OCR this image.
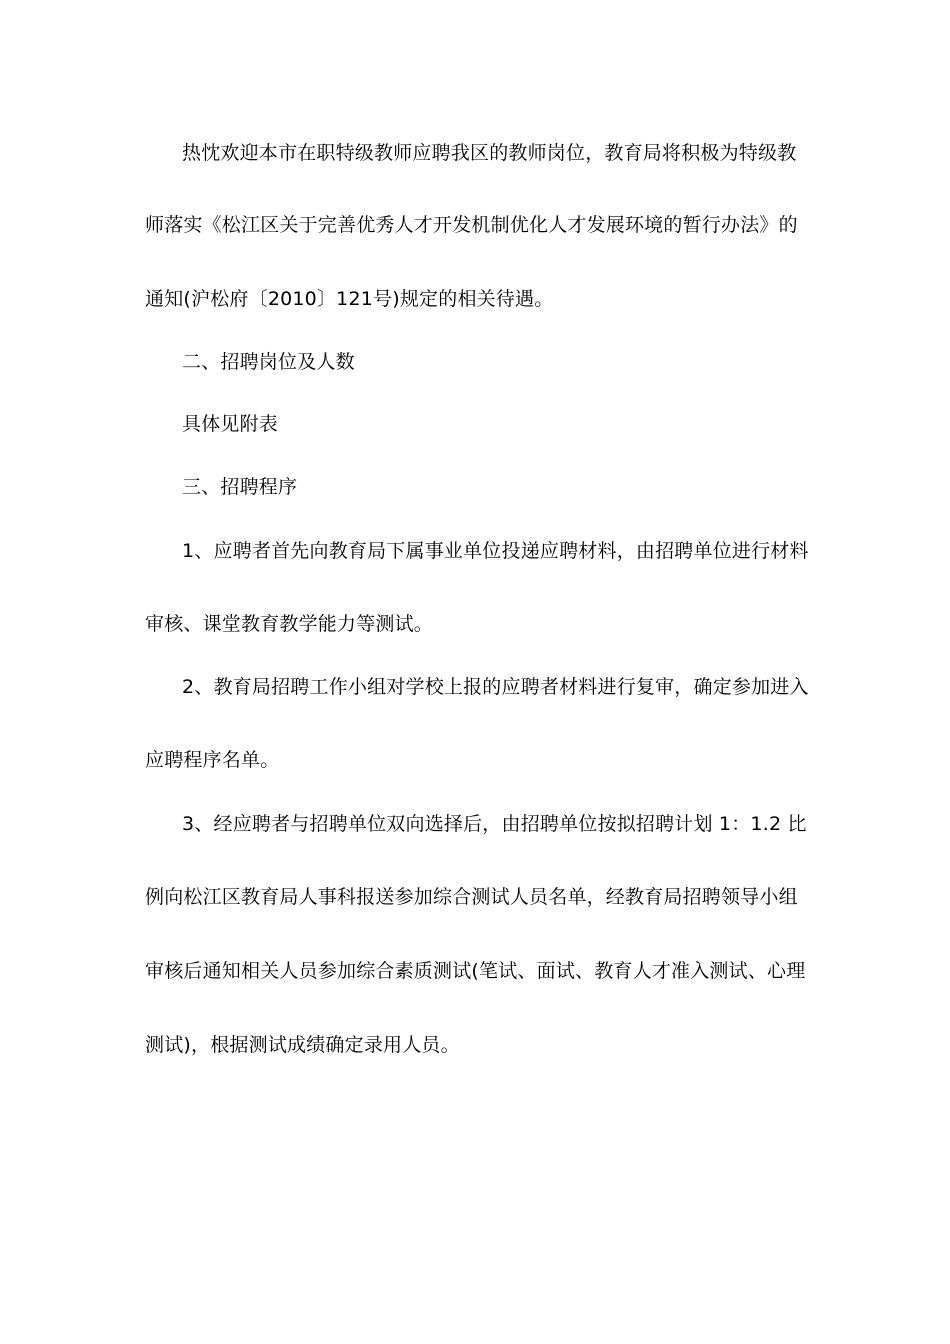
热忱欢迎本市在职特级教师应聘我区的教师岗位，教育局将积极为特级教
师落实《松江区关于完善优秀人才开发机制优化人才发展环境的暂行办法》的
通知(沪松府〔2010〕121号)规定的相关待遇。
二、招聘岗位及人数
具体见附表
三、招聘程序
1、应聘者首先向教育局下属事业单位投递应聘材料，由招聘单位进行材料
审核、课堂教育教学能力等测试。
2、教育局招聘工作小组对学校上报的应聘者材料进行复审，确定参加进入
应聘程序名单。
3、经应聘者与招聘单位双向选择后，由招聘单位按拟招聘计划 1：1.2 比
例向松江区教育局人事科报送参加综合测试人员名单，经教育局招聘领导小组
审核后通知相关人员参加综合素质测试(笔试、面试、教育人才准入测试、心理
测试)，根据测试成绩确定录用人员。
